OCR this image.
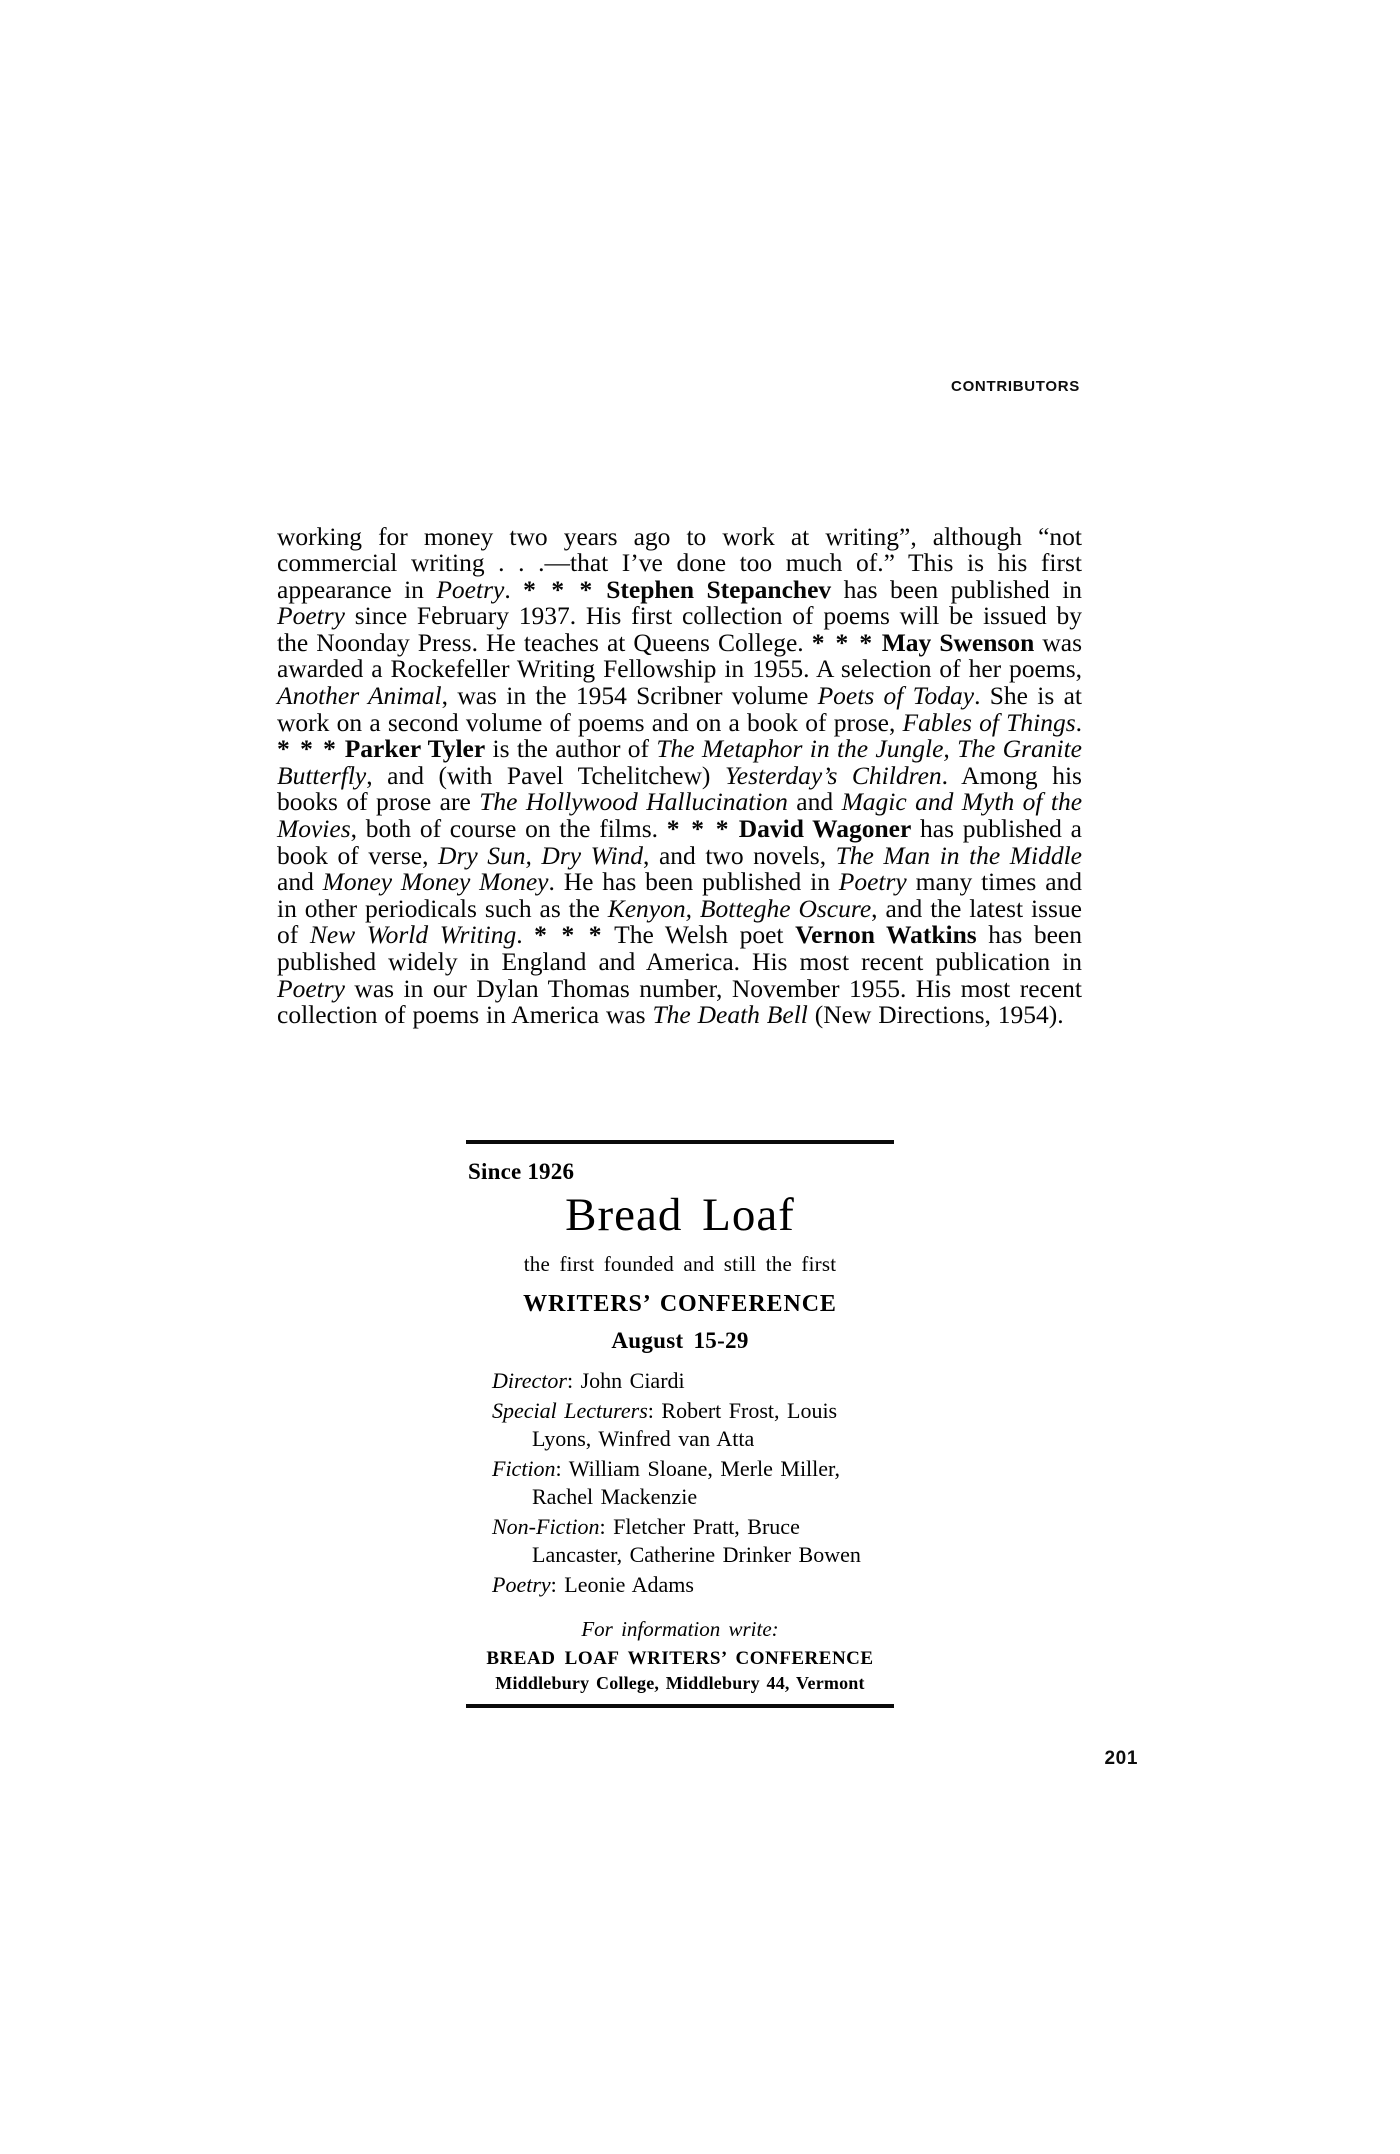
CONTRIBUTORS

working for money two years ago to work at writing”, although “not commercial writing . . .—that I’ve done too much of.” This is his first appearance in Poetry. * * * Stephen Stepanchev has been published in Poetry since February 1937. His first collection of poems will be issued by the Noonday Press. He teaches at Queens College. * * * May Swenson was awarded a Rockefeller Writing Fellowship in 1955. A selection of her poems, Another Animal, was in the 1954 Scribner volume Poets of Today. She is at work on a second volume of poems and on a book of prose, Fables of Things. * * * Parker Tyler is the author of The Metaphor in the Jungle, The Granite Butterfly, and (with Pavel Tchelitchew) Yesterday’s Children. Among his books of prose are The Hollywood Hallucination and Magic and Myth of the Movies, both of course on the films. * * * David Wagoner has published a book of verse, Dry Sun, Dry Wind, and two novels, The Man in the Middle and Money Money Money. He has been published in Poetry many times and in other periodicals such as the Kenyon, Botteghe Oscure, and the latest issue of New World Writing. * * * The Welsh poet Vernon Watkins has been published widely in England and America. His most recent publication in Poetry was in our Dylan Thomas number, November 1955. His most recent collection of poems in America was The Death Bell (New Directions, 1954).

Since 1926
Bread Loaf
the first founded and still the first
WRITERS’ CONFERENCE
August 15-29
Director: John Ciardi
Special Lecturers: Robert Frost, Louis Lyons, Winfred van Atta
Fiction: William Sloane, Merle Miller, Rachel Mackenzie
Non-Fiction: Fletcher Pratt, Bruce Lancaster, Catherine Drinker Bowen
Poetry: Leonie Adams
For information write:
BREAD LOAF WRITERS’ CONFERENCE
Middlebury College, Middlebury 44, Vermont
201
